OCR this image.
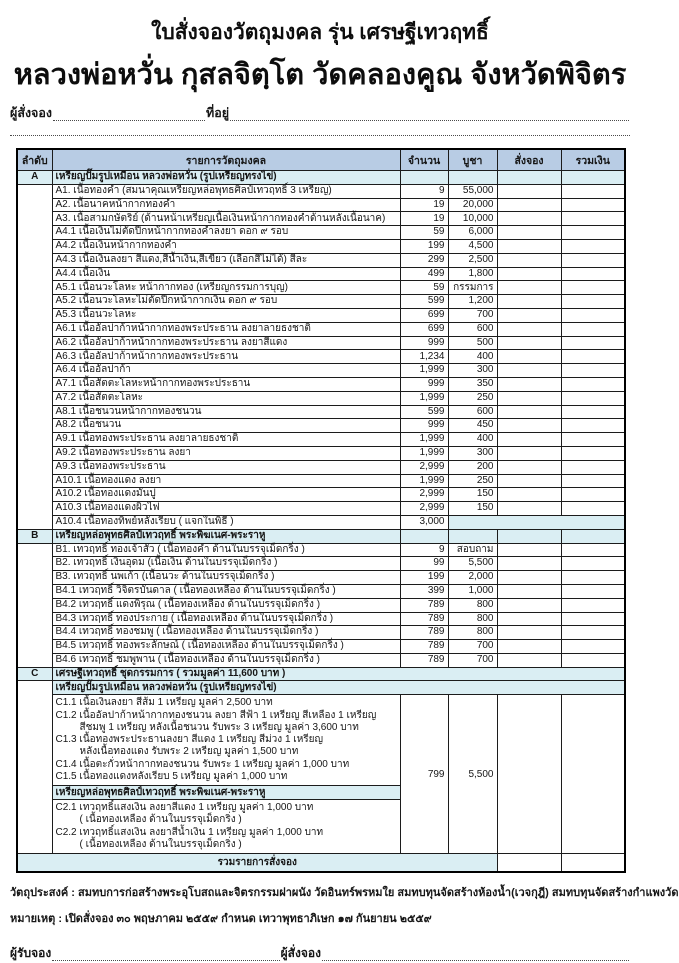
ใบสั่งจองวัตถุมงคล รุ่น เศรษฐีเทวฤทธิ์
หลวงพ่อหวั่น กุสลจิตฺโต วัดคลองคูณ จังหวัดพิจิตร
ผู้สั่งจอง	ที่อยู่
ลำดับ	รายการวัตถุมงคล	จำนวน	บูชา	สั่งจอง	รวมเงิน
A	เหรียญปั๊มรูปเหมือน หลวงพ่อหวั่น (รูปเหรียญทรงไข่)				
	A1. เนื้อทองคำ (สมนาคุณเหรียญหล่อพุทธศิลป์เทวฤทธิ์ 3 เหรียญ)	9	55,000		
	A2. เนื้อนาคหน้ากากทองคำ	19	20,000		
	A3. เนื้อสามกษัตริย์ (ด้านหน้าเหรียญเนื้อเงินหน้ากากทองคำด้านหลังเนื้อนาค)	19	10,000		
	A4.1 เนื้อเงินไม่ตัดปีกหน้ากากทองคำลงยา ดอก ๙ รอบ	59	6,000		
	A4.2 เนื้อเงินหน้ากากทองคำ	199	4,500		
	A4.3 เนื้อเงินลงยา สีแดง,สีน้ำเงิน,สีเขียว (เลือกสีไม่ได้) สีละ	299	2,500		
	A4.4 เนื้อเงิน	499	1,800		
	A5.1 เนื้อนวะโลหะ หน้ากากทอง (เหรียญกรรมการบุญ)	59	กรรมการ		
	A5.2 เนื้อนวะโลหะไม่ตัดปีกหน้ากากเงิน ดอก ๙ รอบ	599	1,200		
	A5.3 เนื้อนวะโลหะ	699	700		
	A6.1 เนื้ออัลปาก้าหน้ากากทองพระประธาน ลงยาลายธงชาติ	699	600		
	A6.2 เนื้ออัลปาก้าหน้ากากทองพระประธาน ลงยาสีแดง	999	500		
	A6.3 เนื้ออัลปาก้าหน้ากากทองพระประธาน	1,234	400		
	A6.4 เนื้ออัลปาก้า	1,999	300		
	A7.1 เนื้อสัตตะโลหะหน้ากากทองพระประธาน	999	350		
	A7.2 เนื้อสัตตะโลหะ	1,999	250		
	A8.1 เนื้อชนวนหน้ากากทองชนวน	599	600		
	A8.2 เนื้อชนวน	999	450		
	A9.1 เนื้อทองพระประธาน ลงยาลายธงชาติ	1,999	400		
	A9.2 เนื้อทองพระประธาน ลงยา	1,999	300		
	A9.3 เนื้อทองพระประธาน	2,999	200		
	A10.1 เนื้อทองแดง ลงยา	1,999	250		
	A10.2 เนื้อทองแดงมันปู	2,999	150		
	A10.3 เนื้อทองแดงผิวไฟ	2,999	150		
	A10.4 เนื้อทองทิพย์หลังเรียบ ( แจกในพิธี )	3,000			
B	เหรียญหล่อพุทธศิลป์เทวฤทธิ์ พระพิฆเนศ-พระราหู				
	B1. เทวฤทธิ์ ทองเจ้าสัว ( เนื้อทองคำ ด้านในบรรจุเม็ดกริ่ง )	9	สอบถาม		
	B2. เทวฤทธิ์ เงินอุดม (เนื้อเงิน ด้านในบรรจุเม็ดกริ่ง )	99	5,500		
	B3. เทวฤทธิ์ นพเก้า (เนื้อนวะ ด้านในบรรจุเม็ดกริ่ง )	199	2,000		
	B4.1 เทวฤทธิ์ วิจิตรบันดาล ( เนื้อทองเหลือง ด้านในบรรจุเม็ดกริ่ง )	399	1,000		
	B4.2 เทวฤทธิ์ แดงพิรุณ ( เนื้อทองเหลือง ด้านในบรรจุเม็ดกริ่ง )	789	800		
	B4.3 เทวฤทธิ์ ทองประกาย ( เนื้อทองเหลือง ด้านในบรรจุเม็ดกริ่ง )	789	800		
	B4.4 เทวฤทธิ์ ทองชมพู ( เนื้อทองเหลือง ด้านในบรรจุเม็ดกริ่ง )	789	800		
	B4.5 เทวฤทธิ์ ทองพระลักษณ์ ( เนื้อทองเหลือง ด้านในบรรจุเม็ดกริ่ง )	789	700		
	B4.6 เทวฤทธิ์ ชมพูพาน ( เนื้อทองเหลือง ด้านในบรรจุเม็ดกริ่ง )	789	700		
C	เศรษฐีเทวฤทธิ์ ชุดกรรมการ ( รวมมูลค่า 11,600 บาท )				
	เหรียญปั๊มรูปเหมือน หลวงพ่อหวั่น (รูปเหรียญทรงไข่)				

C1.1 เนื้อเงินลงยา สีส้ม 1 เหรียญ มูลค่า 2,500 บาท
C1.2 เนื้ออัลปาก้าหน้ากากทองชนวน ลงยา สีฟ้า 1 เหรียญ สีเหลือง 1 เหรียญ
สีชมพู 1 เหรียญ หลังเนื้อชนวน รับพระ 3 เหรียญ มูลค่า 3,600 บาท
C1.3 เนื้อทองพระประธานลงยา สีแดง 1 เหรียญ สีม่วง 1 เหรียญ
หลังเนื้อทองแดง รับพระ 2 เหรียญ มูลค่า 1,500 บาท
C1.4 เนื้อตะกั่วหน้ากากทองชนวน รับพระ 1 เหรียญ มูลค่า 1,000 บาท
C1.5 เนื้อทองแดงหลังเรียบ 5 เหรียญ มูลค่า 1,000 บาท	799	5,500		
	เหรียญหล่อพุทธศิลป์เทวฤทธิ์ พระพิฆเนศ-พระราหู				

	C2.1 เทวฤทธิ์แสงเงิน ลงยาสีแดง 1 เหรียญ มูลค่า 1,000 บาท
( เนื้อทองเหลือง ด้านในบรรจุเม็ดกริ่ง )
C2.2 เทวฤทธิ์แสงเงิน ลงยาสีน้ำเงิน 1 เหรียญ มูลค่า 1,000 บาท
( เนื้อทองเหลือง ด้านในบรรจุเม็ดกริ่ง )				

รวมรายการสั่งจอง					
วัตถุประสงค์ : สมทบการก่อสร้างพระอุโบสถและจิตรกรรมฝาผนัง วัดอินทร์พรหมใย สมทบทุนจัดสร้างห้องน้ำ(เวจกุฎี) สมทบทุนจัดสร้างกำแพงวัด
หมายเหตุ : เปิดสั่งจอง ๓๐ พฤษภาคม ๒๕๕๙ กำหนด เทวาพุทธาภิเษก ๑๗ กันยายน ๒๕๕๙
ผู้รับจอง	ผู้สั่งจอง
